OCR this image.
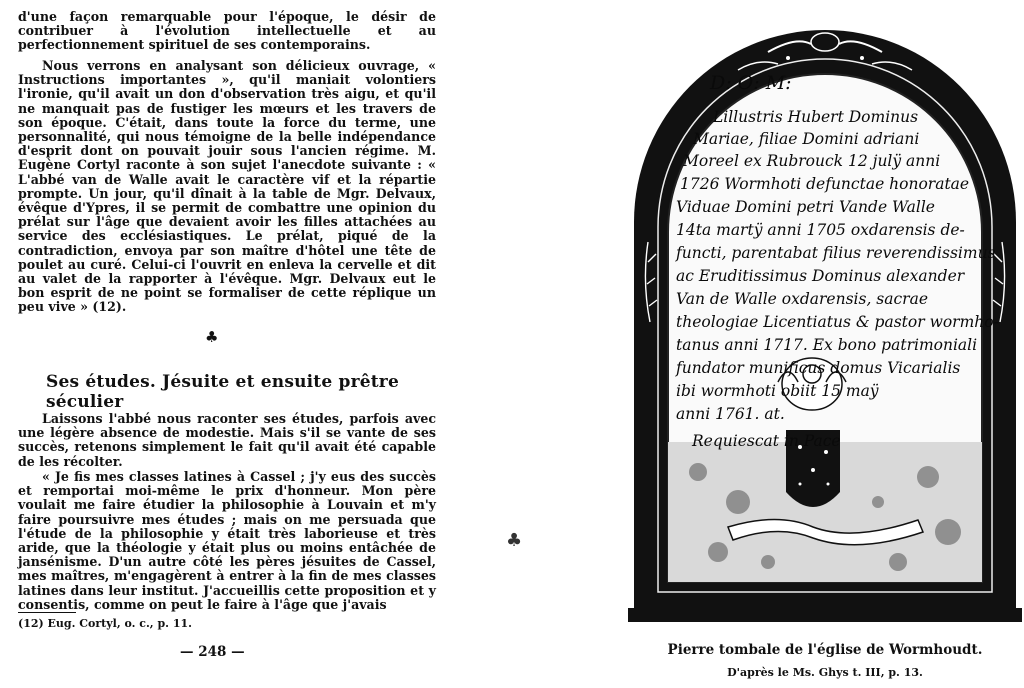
d'une façon remarquable pour l'époque, le désir de contribuer à l'évolution intellectuelle et au perfectionnement spirituel de ses contemporains.

Nous verrons en analysant son délicieux ouvrage, « Instructions importantes », qu'il maniait volontiers l'ironie, qu'il avait un don d'observation très aigu, et qu'il ne manquait pas de fustiger les mœurs et les travers de son époque. C'était, dans toute la force du terme, une personnalité, qui nous témoigne de la belle indépendance d'esprit dont on pouvait jouir sous l'ancien régime. M. Eugène Cortyl raconte à son sujet l'anecdote suivante : « L'abbé van de Walle avait le caractère vif et la répartie prompte. Un jour, qu'il dînait à la table de Mgr. Delvaux, évêque d'Ypres, il se permit de combattre une opinion du prélat sur l'âge que devaient avoir les filles attachées au service des ecclésiastiques. Le prélat, piqué de la contradiction, envoya par son maître d'hôtel une tête de poulet au curé. Celui-ci l'ouvrit en enleva la cervelle et dit au valet de la rapporter à l'évêque. Mgr. Delvaux eut le bon esprit de ne point se formaliser de cette réplique un peu vive » (12).

♣
Ses études. Jésuite et ensuite prêtre séculier

Laissons l'abbé nous raconter ses études, parfois avec une légère absence de modestie. Mais s'il se vante de ses succès, retenons simplement le fait qu'il avait été capable de les récolter.

« Je fis mes classes latines à Cassel ; j'y eus des succès et remportai moi-même le prix d'honneur. Mon père voulait me faire étudier la philosophie à Louvain et m'y faire poursuivre mes études ; mais on me persuada que l'étude de la philosophie y était très laborieuse et très aride, que la théologie y était plus ou moins entâchée de jansénisme. D'un autre côté les pères jésuites de Cassel, mes maîtres, m'engagèrent à entrer à la fin de mes classes latines dans leur institut. J'accueillis cette proposition et y consentis, comme on peut le faire à l'âge que j'avais

(12) Eug. Cortyl, o. c., p. 11.

— 248 —

♣
D: O: M:
Lillustris Hubert Dominus
Mariae, filiae Domini adriani
Moreel ex Rubrouck 12 julÿ anni
1726 Wormhoti defunctae honoratae
Viduae Domini petri Vande Walle
14ta martÿ anni 1705 oxdarensis de-
functi, parentabat filius reverendissimus
ac Eruditissimus Dominus alexander
Van de Walle oxdarensis, sacrae
theologiae Licentiatus & pastor wormho-
tanus anni 1717. Ex bono patrimoniali
fundator munificus domus Vicarialis
ibi wormhoti obiit 15 maÿ
anni 1761. at.
Requiescat in Pace

Pierre tombale de l'église de Wormhoudt.

D'après le Ms. Ghys t. III, p. 13.
